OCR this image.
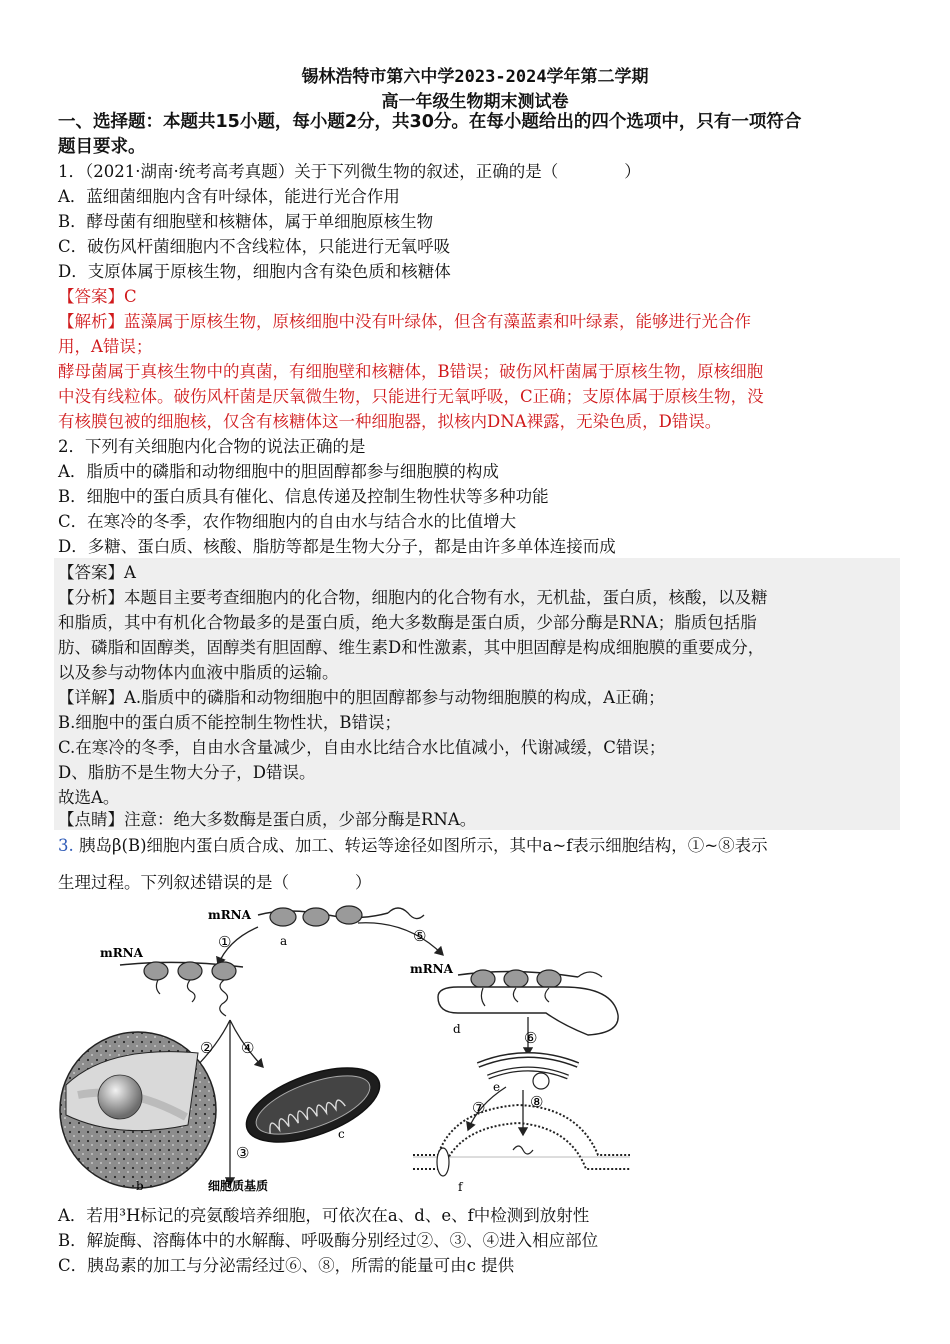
锡林浩特市第六中学2023-2024学年第二学期
高一年级生物期末测试卷
一、选择题：本题共15小题，每小题2分，共30分。在每小题给出的四个选项中，只有一项符合
题目要求。
1．（2021·湖南·统考高考真题）关于下列微生物的叙述，正确的是（　　　　）
A．蓝细菌细胞内含有叶绿体，能进行光合作用
B．酵母菌有细胞壁和核糖体，属于单细胞原核生物
C．破伤风杆菌细胞内不含线粒体，只能进行无氧呼吸
D．支原体属于原核生物，细胞内含有染色质和核糖体
【答案】C
【解析】蓝藻属于原核生物，原核细胞中没有叶绿体，但含有藻蓝素和叶绿素，能够进行光合作
用，A错误；
酵母菌属于真核生物中的真菌，有细胞壁和核糖体，B错误；破伤风杆菌属于原核生物，原核细胞
中没有线粒体。破伤风杆菌是厌氧微生物，只能进行无氧呼吸，C正确；支原体属于原核生物，没
有核膜包被的细胞核，仅含有核糖体这一种细胞器，拟核内DNA裸露，无染色质，D错误。
2．下列有关细胞内化合物的说法正确的是
A．脂质中的磷脂和动物细胞中的胆固醇都参与细胞膜的构成
B．细胞中的蛋白质具有催化、信息传递及控制生物性状等多种功能
C．在寒冷的冬季，农作物细胞内的自由水与结合水的比值增大
D．多糖、蛋白质、核酸、脂肪等都是生物大分子，都是由许多单体连接而成
【答案】A
【分析】本题目主要考查细胞内的化合物，细胞内的化合物有水，无机盐，蛋白质，核酸，以及糖
和脂质，其中有机化合物最多的是蛋白质，绝大多数酶是蛋白质，少部分酶是RNA；脂质包括脂
肪、磷脂和固醇类，固醇类有胆固醇、维生素D和性激素，其中胆固醇是构成细胞膜的重要成分，
以及参与动物体内血液中脂质的运输。
【详解】A.脂质中的磷脂和动物细胞中的胆固醇都参与动物细胞膜的构成，A正确；
B.细胞中的蛋白质不能控制生物性状，B错误；
C.在寒冷的冬季，自由水含量减少，自由水比结合水比值减小，代谢减缓，C错误；
D、脂肪不是生物大分子，D错误。
故选A。
【点睛】注意：绝大多数酶是蛋白质，少部分酶是RNA。
3. 胰岛β(B)细胞内蛋白质合成、加工、转运等途径如图所示，其中a~f表示细胞结构，①~⑧表示
生理过程。下列叙述错误的是（　　　　）
mRNA
a
①	⑤
mRNA
② ④
③
细胞质基质
b
c
mRNA
d	⑥
e
⑦	⑧
f
A．若用³H标记的亮氨酸培养细胞，可依次在a、d、e、f中检测到放射性
B．解旋酶、溶酶体中的水解酶、呼吸酶分别经过②、③、④进入相应部位
C．胰岛素的加工与分泌需经过⑥、⑧，所需的能量可由c 提供
